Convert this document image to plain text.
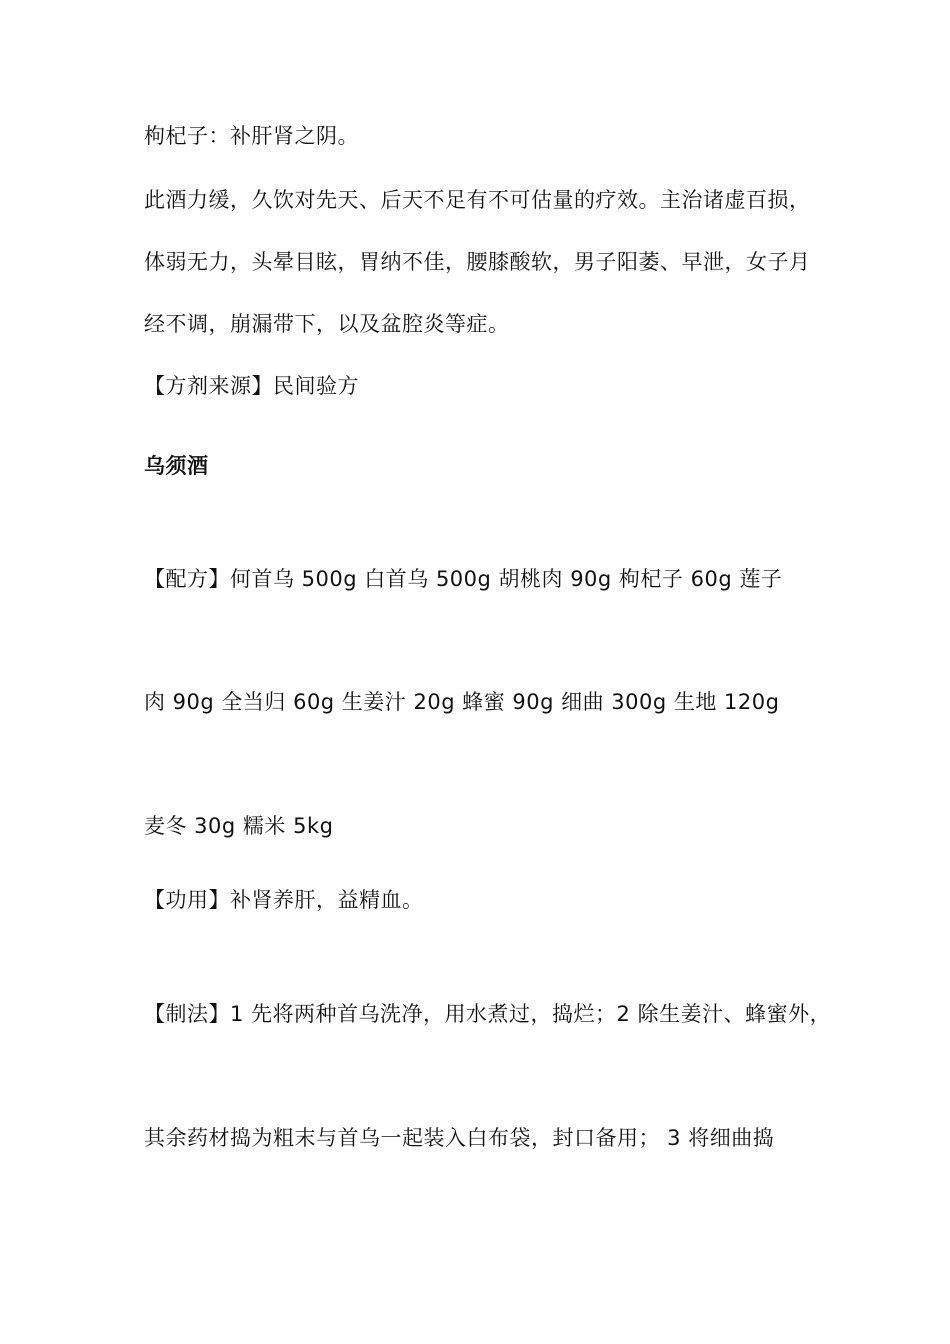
枸杞子：补肝肾之阴。
此酒力缓，久饮对先天、后天不足有不可估量的疗效。主治诸虚百损，
体弱无力，头晕目眩，胃纳不佳，腰膝酸软，男子阳萎、早泄，女子月
经不调，崩漏带下，以及盆腔炎等症。
【方剂来源】民间验方
乌须酒
【配方】何首乌 500g 白首乌 500g 胡桃肉 90g 枸杞子 60g 莲子
肉 90g 全当归 60g 生姜汁 20g 蜂蜜 90g 细曲 300g 生地 120g
麦冬 30g 糯米 5kg
【功用】补肾养肝，益精血。
【制法】1 先将两种首乌洗净，用水煮过，捣烂；2 除生姜汁、蜂蜜外，
其余药材捣为粗末与首乌一起装入白布袋，封口备用； 3 将细曲捣
